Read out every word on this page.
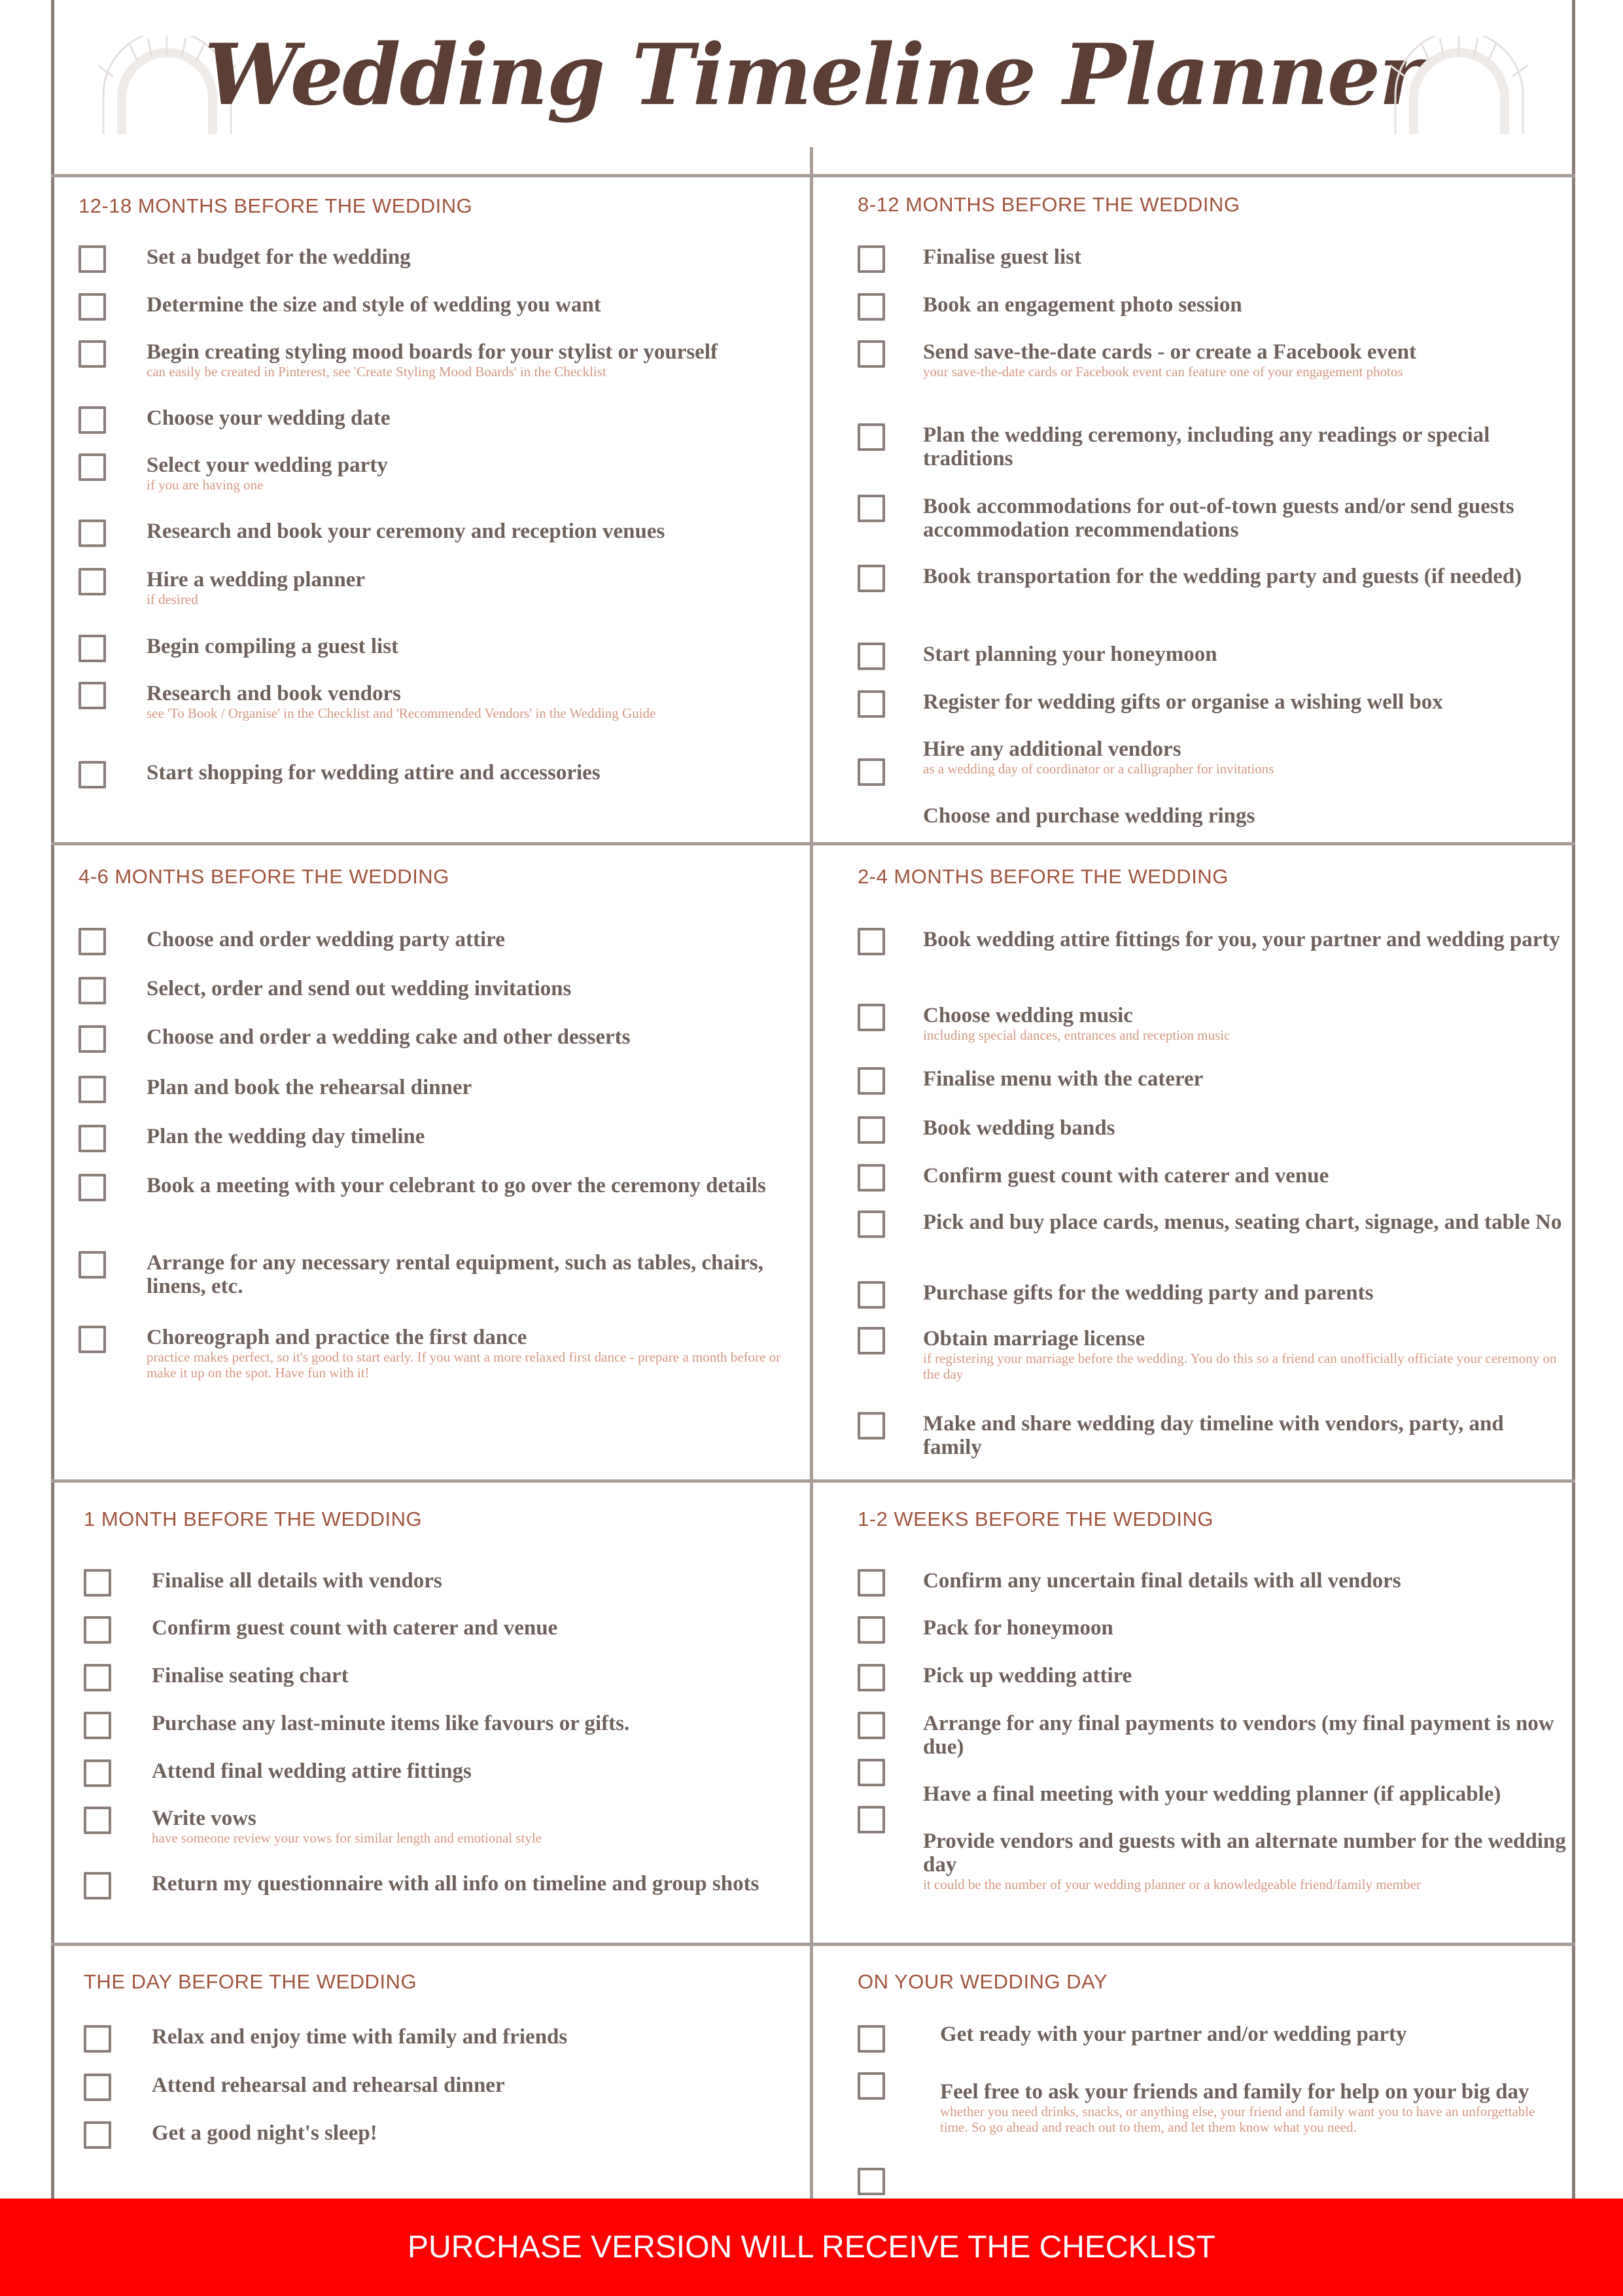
Wedding Timeline Planner
12-18 MONTHS BEFORE THE WEDDING
Set a budget for the wedding
Determine the size and style of wedding you want
Begin creating styling mood boards for your stylist or yourself
can easily be created in Pinterest, see 'Create Styling Mood Boards' in the Checklist
Choose your wedding date
Select your wedding party
if you are having one
Research and book your ceremony and reception venues
Hire a wedding planner
if desired
Begin compiling a guest list
Research and book vendors
see 'To Book / Organise' in the Checklist and 'Recommended Vendors' in the Wedding Guide
Start shopping for wedding attire and accessories
8-12 MONTHS BEFORE THE WEDDING
Finalise guest list
Book an engagement photo session
Send save-the-date cards - or create a Facebook event
your save-the-date cards or Facebook event can feature one of your engagement photos
Plan the wedding ceremony, including any readings or special traditions
Book accommodations for out-of-town guests and/or send guests accommodation recommendations
Book transportation for the wedding party and guests (if needed)
Start planning your honeymoon
Register for wedding gifts or organise a wishing well box
Hire any additional vendors
as a wedding day of coordinator or a calligrapher for invitations
Choose and purchase wedding rings
4-6 MONTHS BEFORE THE WEDDING
Choose and order wedding party attire
Select, order and send out wedding invitations
Choose and order a wedding cake and other desserts
Plan and book the rehearsal dinner
Plan the wedding day timeline
Book a meeting with your celebrant to go over the ceremony details
Arrange for any necessary rental equipment, such as tables, chairs, linens, etc.
Choreograph and practice the first dance
practice makes perfect, so it's good to start early. If you want a more relaxed first dance - prepare a month before or make it up on the spot. Have fun with it!
2-4 MONTHS BEFORE THE WEDDING
Book wedding attire fittings for you, your partner and wedding party
Choose wedding music
including special dances, entrances and reception music
Finalise menu with the caterer
Book wedding bands
Confirm guest count with caterer and venue
Pick and buy place cards, menus, seating chart, signage, and table No
Purchase gifts for the wedding party and parents
Obtain marriage license
if registering your marriage before the wedding. You do this so a friend can unofficially officiate your ceremony on the day
Make and share wedding day timeline with vendors, party, and family
1 MONTH BEFORE THE WEDDING
Finalise all details with vendors
Confirm guest count with caterer and venue
Finalise seating chart
Purchase any last-minute items like favours or gifts.
Attend final wedding attire fittings
Write vows
have someone review your vows for similar length and emotional style
Return my questionnaire with all info on timeline and group shots
1-2 WEEKS BEFORE THE WEDDING
Confirm any uncertain final details with all vendors
Pack for honeymoon
Pick up wedding attire
Arrange for any final payments to vendors (my final payment is now due)
Have a final meeting with your wedding planner (if applicable)
Provide vendors and guests with an alternate number for the wedding day
it could be the number of your wedding planner or a knowledgeable friend/family member
THE DAY BEFORE THE WEDDING
Relax and enjoy time with family and friends
Attend rehearsal and rehearsal dinner
Get a good night's sleep!
ON YOUR WEDDING DAY
Get ready with your partner and/or wedding party
Feel free to ask your friends and family for help on your big day
whether you need drinks, snacks, or anything else, your friend and family want you to have an unforgettable time. So go ahead and reach out to them, and let them know what you need.
PURCHASE VERSION WILL RECEIVE THE CHECKLIST
